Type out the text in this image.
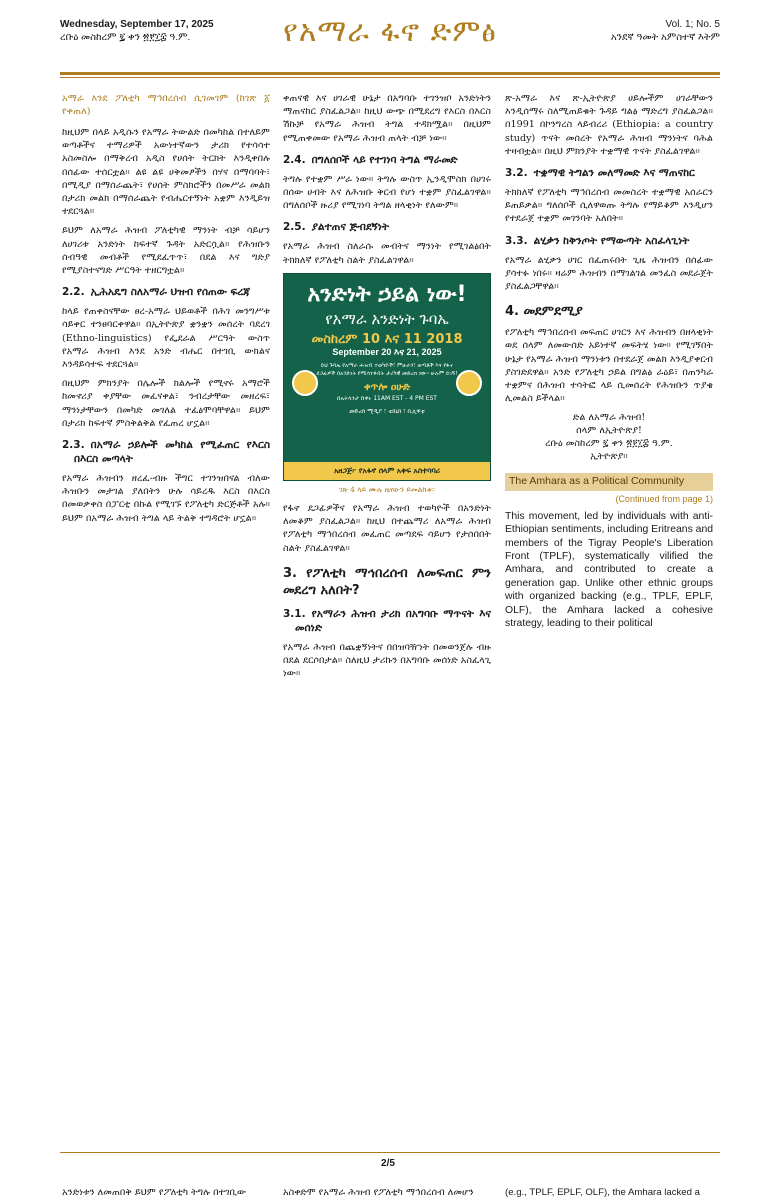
Wednesday, September 17, 2025
ረቡዕ መስከረም ፯ ቀን ፳፻፲፰ ዓ.ም.	የአማራ ፋኖ ድምፅ	Vol. 1; No. 5
አንደኛ ዓመት አምስተኛ እትም
አማራ እንደ ፖለቲካ ማኅበረሰብ ሲገመገም (ከገጽ ፩ የቀጠለ)

ከዚህም በላይ አዲሱን የአማራ ትውልድ በመካከል በተለይም ወጣቶችና ተማሪዎች አውነተኛውን ታሪክ የተሳሳተ አስመስሎ በማቅረብ አዲስ የሀሰት ትርክት እንዲቀበሉ በሰፊው ተሰርቷል። ልዩ ልዩ ሀቅመፆችን በሃና በማባባት፣ በሚዲያ በማሰራጨት፣ የሀሰት ምስክሮችን በመሥራ መልክ በታሪክ መልክ በማሰራጨት የብሔርተኝነት አቋም እንዲይዝ ተደርጓል።

ይህም ለአማራ ሕዝብ ፖለቲካዊ ማንነት ብቻ ሳይሆን ለሀገሪቱ አንድነት ከፍተኛ ጉዳት አድርሷል። የሕዝቡን ሰብዓዊ መብቶች የሚደፈጥጥ፣ በደል እና ግድያ የሚያስተናግድ ሥርዓት ተዘርግቷል።

2.2. ኢሕአዴግ ስለአማራ ህዝብ የሰጠው ፍረጃ

ከላይ የጠቀስናቸው ፀረ-አማራ ህይወቶች በሕገ መንግሥቱ ሳይቀር ተንፀባርቀዋል። በኢትዮጵያ ቋንቋን መሰረት ባደረገ (Ethno-linguistics) የፌደራል ሥርዓት ውስጥ የአማራ ሕዝብ እንደ አንድ ብሔር በተገቢ ውክልና እንዳይሳተፍ ተደርጓል።

በዚህም ምክንያት በሌሎች ክልሎች የሚኖሩ አማሮች ከመኖሪያ ቀያቸው መፈናቀል፣ ንብረታቸው መዘረፍ፣ ማንነታቸውን በመካድ መገለል ተፈፅሞባቸዋል። ይህም በታሪክ ከፍተኛ ምስቅልቅል የፈጠረ ሆኗል።

2.3. በአማራ ኃይሎች መካከል የሚፈጠር የእርስ በእርስ መጣላት

የአማራ ሕዝብን ዘረፈ-ብዙ ችግር ተገንዝበናል ብለው ሕዝቡን መታገል ያለበትን ሁሉ ሳይረዱ እርስ በእርስ በመወቃቀስ በፓርቲ በኩል የሚገኙ የፖለቲካ ድርጅቶች አሉ። ይህም በአማራ ሕዝብ ትግል ላይ ትልቅ ተግዳሮት ሆኗል።

ቀጠናዊ እና ሀገራዊ ሁኔታ በአግባቡ ተገንዝቦ አንድነትን ማጠናከር ያስፈልጋል። ከዚህ ውጭ በሚደረግ የእርስ በእርስ ሽኩቻ የአማራ ሕዝብ ትግል ተዳክሟል። በዚህም የሚጠቀመው የአማራ ሕዝብ ጠላት ብቻ ነው።

2.4. በግለሰቦች ላይ የተገነባ ትግል ማራመድ

ትግሉ የተቋም ሥራ ነው። ትግሉ ውስጥ ኢንዲሞስክ በሀገሩ በሰው ሀብት እና ለሕዝቡ ቅርብ የሆነ ተቋም ያስፈልገዋል። በግለሰቦች ዙሪያ የሚገነባ ትግል ዘላቂነት የለውም።

2.5. ያልተጠና ጅብደኝነት

የአማራ ሕዝብ ስለራሱ መብትና ማንነት የሚገልፅበት ትክክለኛ የፖለቲካ ስልት ያስፈልገዋል።

አንድነት ኃይል ነው!
የአማራ አንድነት ጉባኤ
መስከረም 10 እና 11 2018
September 20 እና 21, 2025
ይህ ጉባኤ የአማራ ሕዝብ ተወካዮች፣ ምሁራን፣ ወጣቶች እና የፋኖ ደጋፊዎች በአንድነት የሚሳተፉበት ታሪካዊ መድረክ ነው። ሁሉም ይገኝ!
ቀጥሎ ዐሁድ
በአትላንታ ከቀኑ 11AM EST - 4 PM EST
መድረክ ሚዲያ ፣ ቴክኒክ ፣ ቢሊዋቲ
አዘጋጅ፦ የአፋኖ ሰላም አቀፍ አስተባባሪ
ገጽ 4 ላይ ሙሉ ዜናውን ይመልከቱ።

የፋኖ ደጋፊዎችና የአማራ ሕዝብ ተወካዮች በአንድነት ለመቆም ያስፈልጋል። ከዚህ በተጨማሪ ለአማራ ሕዝብ የፖለቲካ ማኅበረሰብ መፈጠር መጣደፍ ሳይሆን የታሰበበት ስልት ያስፈልገዋል።

3. የፖለቲካ ማኅበረሰብ ለመፍጠር ምን መደረግ አለበት?
3.1. የአማራን ሕዝብ ታሪክ በአግባቡ ማጥናት እና መሰነድ

የአማራ ሕዝብ በጨቋኝነትና በበዝባዥነት በመወንጀሉ ብዙ በደል ደርሶበታል። ስለዚህ ታሪኩን በአግባቡ መሰነድ አስፈላጊ ነው።

ጽ-አማራ እና ጽ-ኢትዮጵያ ሀይሎችም ሀገራቸውን እንዲሰማሩ ስለሚጠይቁት ጉዳይ ግልፅ ማድረግ ያስፈልጋል። በ1991 በኮንግረስ ላይብረሪ (Ethiopia: a country study) ጥናት መሰረት የአማራ ሕዝብ ማንነትና ባሕል ተዛብቷል። በዚህ ምክንያት ተቋማዊ ጥናት ያስፈልገዋል።

3.2. ተቋማዊ ትግልን መለማመድ እና ማጠናከር

ትክክለኛ የፖለቲካ ማኅበረሰብ መመስረት ተቋማዊ አሰራርን ይጠይቃል። ግለሰቦች ሲለዋወጡ ትግሉ የማይቆም እንዲሆን የተደራጀ ተቋም መገንባት አለበት።

3.3. ልሂቃን ከቅንጦት የማውጣት አስፈላጊነት

የአማራ ልሂቃን ሀገር በፈጠሩበት ጊዜ ሕዝብን በሰፊው ያሳተፉ ነበሩ። ዛሬም ሕዝብን በማገልገል መንፈስ መደራጀት ያስፈልጋቸዋል።

4. መደምደሚያ

የፖለቲካ ማኅበረሰብ መፍጠር ሀገርን እና ሕዝብን በዘላቂነት ወደ ሰላም ለመውሰድ አይነተኛ መፍትሄ ነው። የሚገኝበት ሁኔታ የአማራ ሕዝብ ማንነቱን በተደራጀ መልክ እንዲያቀርብ ያስገድደዋል። አንድ የፖለቲካ ኃይል በግልፅ ራዕይ፣ በጠንካራ ተቋምና በሕዝብ ተሳትፎ ላይ ሲመሰረት የሕዝቡን ጥያቄ ሊመልስ ይችላል።

ድል ለአማራ ሕዝብ!
ሰላም ለኢትዮጵያ!
ረቡዕ መስከረም ፯ ቀን ፳፻፲፰ ዓ.ም.
ኢትዮጵያ።
The Amhara as a Political Community
(Continued from page 1)
This movement, led by individuals with anti-Ethiopian sentiments, including Eritreans and members of the Tigray People's Liberation Front (TPLF), systematically vilified the Amhara, and contributed to create a generation gap. Unlike other ethnic groups with organized backing (e.g., TPLF, EPLF, OLF), the Amhara lacked a cohesive strategy, leading to their political
2/5
አንድነቱን ለመጠበቅ ይህም የፖለቲካ ትግሉ በተገቢው	አስቀድሞ የአማራ ሕዝብ የፖለቲካ ማኅበረሰብ ለመሆን	(e.g., TPLF, EPLF, OLF), the Amhara lacked a
